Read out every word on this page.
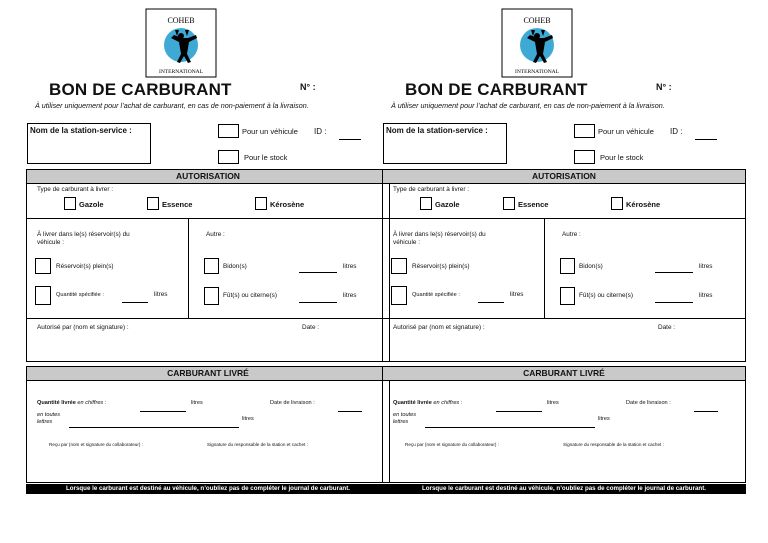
COHEB
INTERNATIONAL
BON DE CARBURANT	N° :
À utiliser uniquement pour l’achat de carburant, en cas de non-paiement à la livraison.
Nom de la station-service :	Pour un véhicule ID :
Pour le stock
AUTORISATION
Type de carburant à livrer :
Gazole	Essence	Kérosène
À livrer dans le(s) réservoir(s) du véhicule :
Réservoir(s) plein(s)
Quantité spécifiée :	litres
Autre :
Bidon(s)	litres
Fût(s) ou citerne(s)	litres
Autorisé par (nom et signature) :	Date :
CARBURANT LIVRÉ
Quantité livrée en chiffres :	litres	Date de livraison :
en toutes lettres	litres
Reçu par (nom et signature du collaborateur) :	Signature du responsable de la station et cachet :
Lorsque le carburant est destiné au véhicule, n’oubliez pas de compléter le journal de carburant.
COHEB
INTERNATIONAL
BON DE CARBURANT	N° :
À utiliser uniquement pour l’achat de carburant, en cas de non-paiement à la livraison.
Nom de la station-service :	Pour un véhicule ID :
Pour le stock
AUTORISATION
Type de carburant à livrer :
Gazole	Essence	Kérosène
À livrer dans le(s) réservoir(s) du véhicule :
Réservoir(s) plein(s)
Quantité spécifiée :	litres
Autre :
Bidon(s)	litres
Fût(s) ou citerne(s)	litres
Autorisé par (nom et signature) :	Date :
CARBURANT LIVRÉ
Quantité livrée en chiffres :	litres	Date de livraison :
en toutes lettres	litres
Reçu par (nom et signature du collaborateur) :	Signature du responsable de la station et cachet :
Lorsque le carburant est destiné au véhicule, n’oubliez pas de compléter le journal de carburant.
